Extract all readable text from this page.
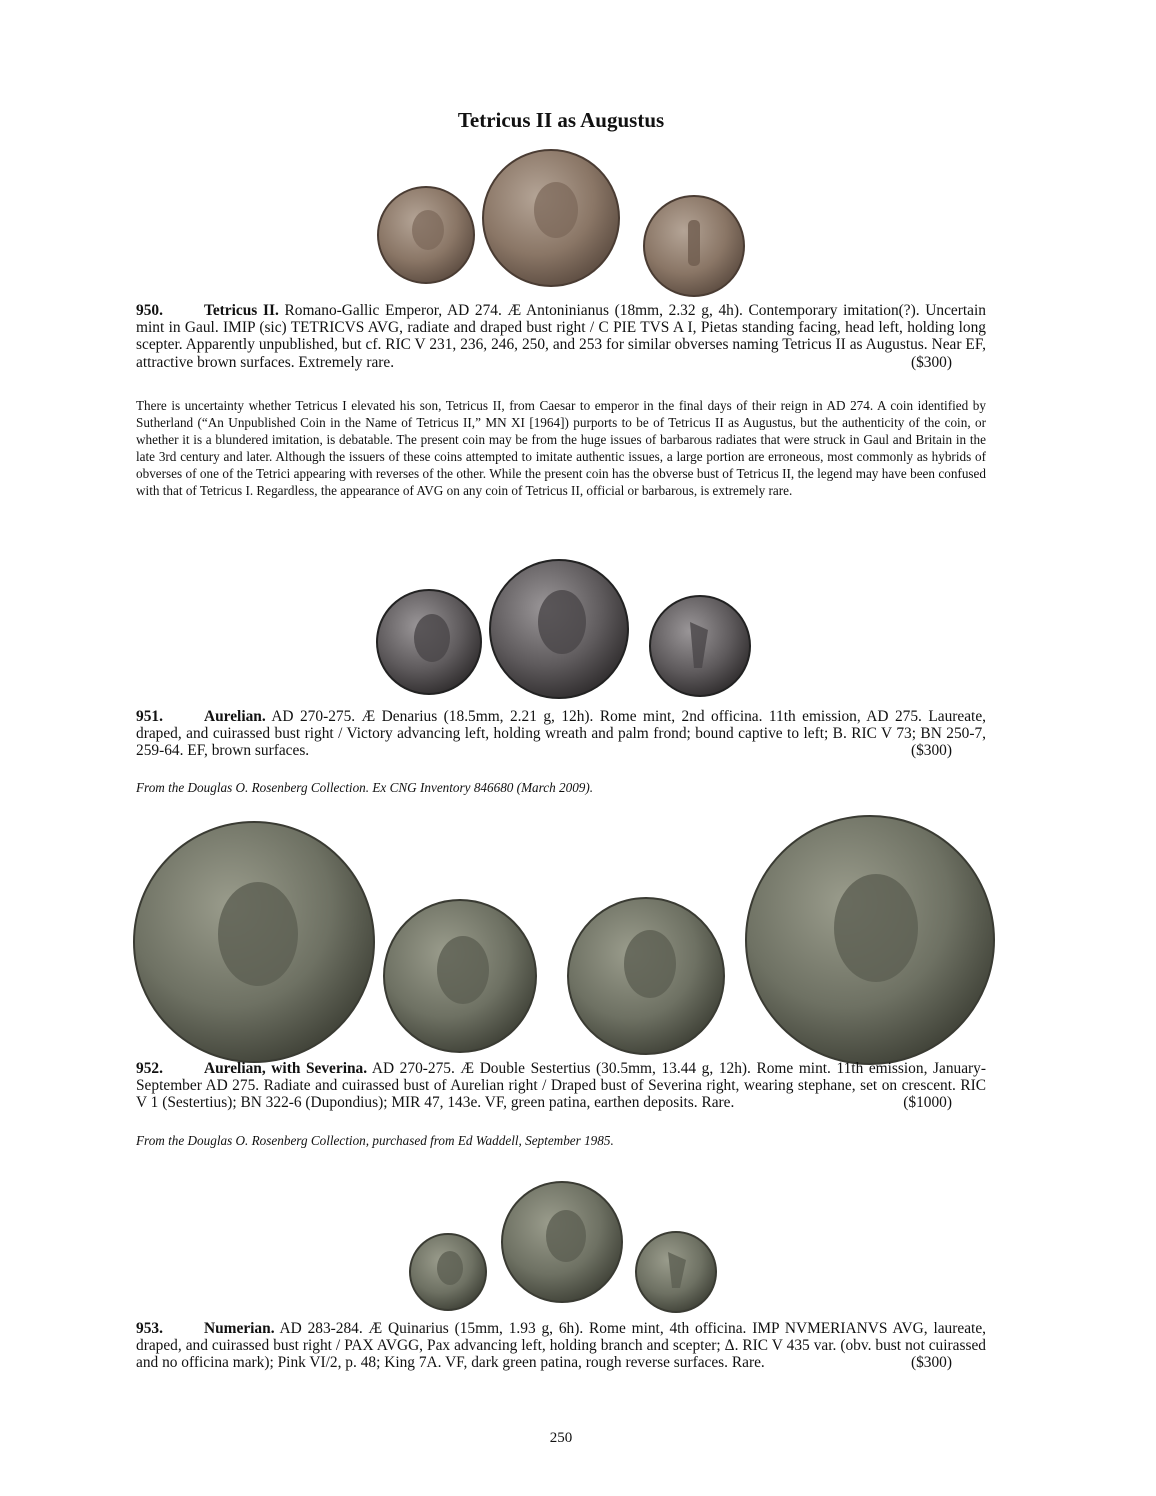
Tetricus II as Augustus

950.	Tetricus II. Romano-Gallic Emperor, AD 274. Æ Antoninianus (18mm, 2.32 g, 4h). Contemporary imitation(?). Uncertain mint in Gaul. IMIP (sic) TETRICVS AVG, radiate and draped bust right / C PIE TVS A I, Pietas standing facing, head left, holding long scepter. Apparently unpublished, but cf. RIC V 231, 236, 246, 250, and 253 for similar obverses naming Tetricus II as Augustus. Near EF, attractive brown surfaces. Extremely rare.	($300)
There is uncertainty whether Tetricus I elevated his son, Tetricus II, from Caesar to emperor in the final days of their reign in AD 274. A coin identified by Sutherland (“An Unpublished Coin in the Name of Tetricus II,” MN XI [1964]) purports to be of Tetricus II as Augustus, but the authenticity of the coin, or whether it is a blundered imitation, is debatable. The present coin may be from the huge issues of barbarous radiates that were struck in Gaul and Britain in the late 3rd century and later. Although the issuers of these coins attempted to imitate authentic issues, a large portion are erroneous, most commonly as hybrids of obverses of one of the Tetrici appearing with reverses of the other. While the present coin has the obverse bust of Tetricus II, the legend may have been confused with that of Tetricus I. Regardless, the appearance of AVG on any coin of Tetricus II, official or barbarous, is extremely rare.

951.	Aurelian. AD 270-275. Æ Denarius (18.5mm, 2.21 g, 12h). Rome mint, 2nd officina. 11th emission, AD 275. Laureate, draped, and cuirassed bust right / Victory advancing left, holding wreath and palm frond; bound captive to left; B. RIC V 73; BN 250-7, 259-64. EF, brown surfaces.	($300)
From the Douglas O. Rosenberg Collection. Ex CNG Inventory 846680 (March 2009).

952.	Aurelian, with Severina. AD 270-275. Æ Double Sestertius (30.5mm, 13.44 g, 12h). Rome mint. 11th emission, January-September AD 275. Radiate and cuirassed bust of Aurelian right / Draped bust of Severina right, wearing stephane, set on crescent. RIC V 1 (Sestertius); BN 322-6 (Dupondius); MIR 47, 143e. VF, green patina, earthen deposits. Rare.	($1000)
From the Douglas O. Rosenberg Collection, purchased from Ed Waddell, September 1985.

953.	Numerian. AD 283-284. Æ Quinarius (15mm, 1.93 g, 6h). Rome mint, 4th officina. IMP NVMERIANVS AVG, laureate, draped, and cuirassed bust right / PAX AVGG, Pax advancing left, holding branch and scepter; Δ. RIC V 435 var. (obv. bust not cuirassed and no officina mark); Pink VI/2, p. 48; King 7A. VF, dark green patina, rough reverse surfaces. Rare.	($300)
250
